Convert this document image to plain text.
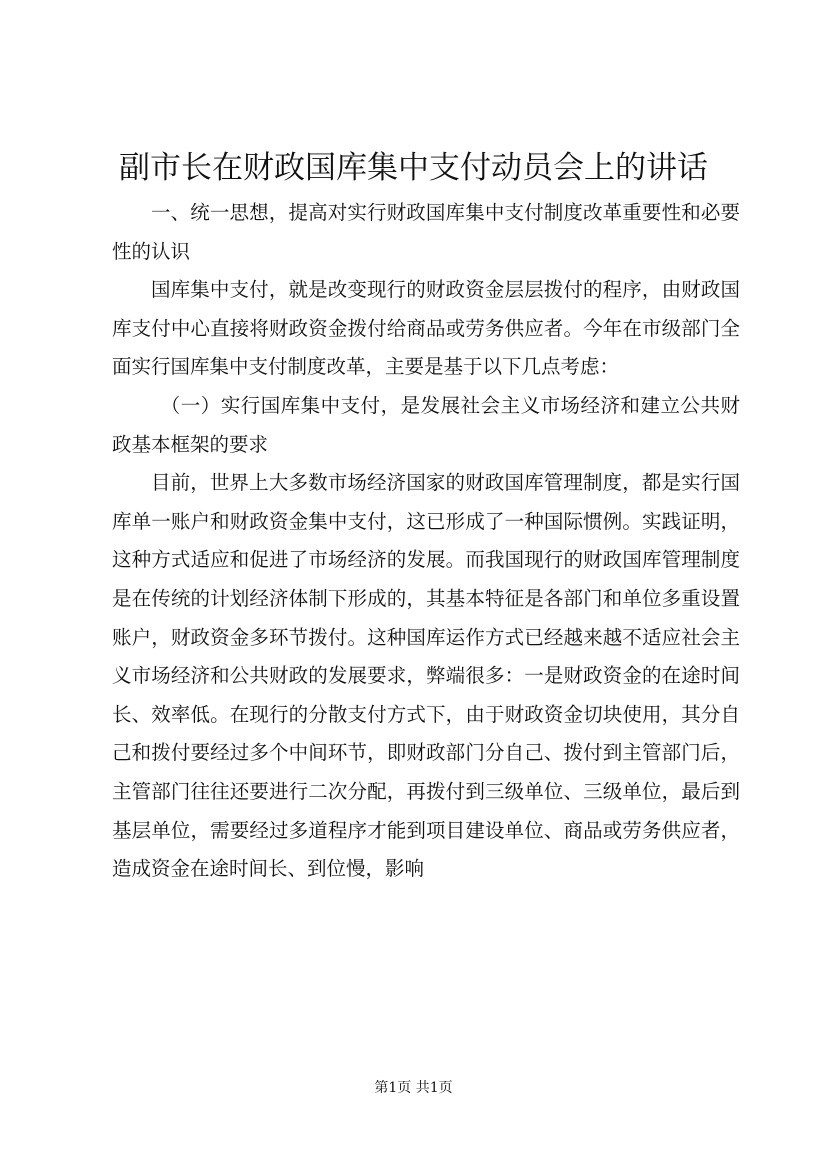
副市长在财政国库集中支付动员会上的讲话

一、统一思想，提高对实行财政国库集中支付制度改革重要性和必要性的认识

国库集中支付，就是改变现行的财政资金层层拨付的程序，由财政国库支付中心直接将财政资金拨付给商品或劳务供应者。今年在市级部门全面实行国库集中支付制度改革，主要是基于以下几点考虑：

（一）实行国库集中支付，是发展社会主义市场经济和建立公共财政基本框架的要求

目前，世界上大多数市场经济国家的财政国库管理制度，都是实行国库单一账户和财政资金集中支付，这已形成了一种国际惯例。实践证明，这种方式适应和促进了市场经济的发展。而我国现行的财政国库管理制度是在传统的计划经济体制下形成的，其基本特征是各部门和单位多重设置账户，财政资金多环节拨付。这种国库运作方式已经越来越不适应社会主义市场经济和公共财政的发展要求，弊端很多：一是财政资金的在途时间长、效率低。在现行的分散支付方式下，由于财政资金切块使用，其分自己和拨付要经过多个中间环节，即财政部门分自己、拨付到主管部门后，主管部门往往还要进行二次分配，再拨付到三级单位、三级单位，最后到基层单位，需要经过多道程序才能到项目建设单位、商品或劳务供应者，造成资金在途时间长、到位慢，影响

第1页 共1页
